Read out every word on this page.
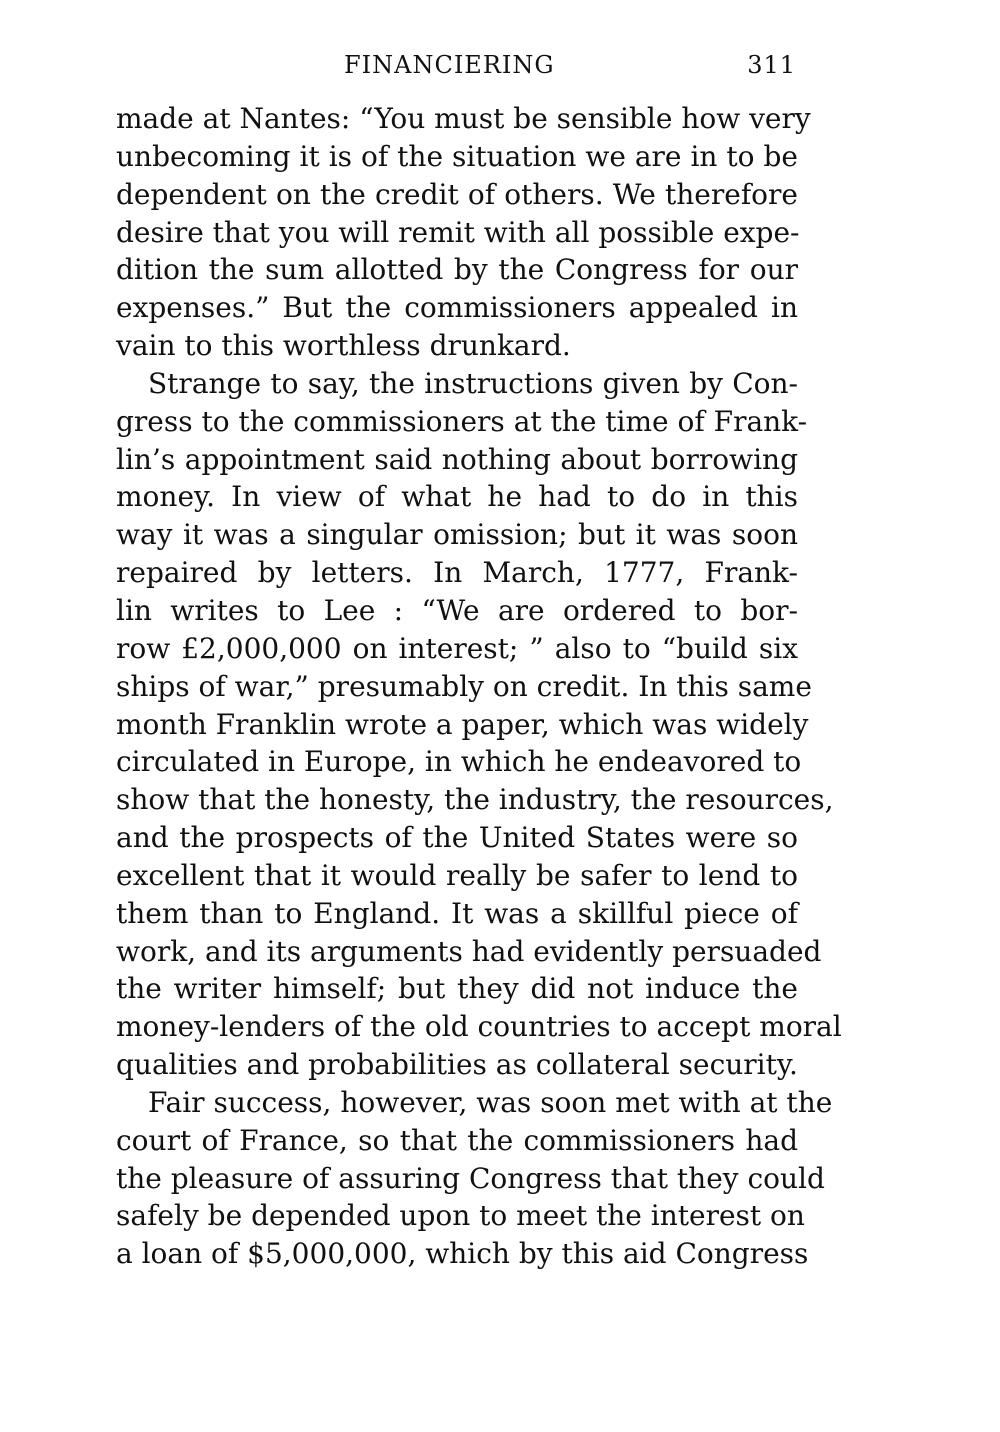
FINANCIERING	311
made at Nantes: “You must be sensible how very
unbecoming it is of the situation we are in to be
dependent on the credit of others. We therefore
desire that you will remit with all possible expe-
dition the sum allotted by the Congress for our
expenses.” But the commissioners appealed in
vain to this worthless drunkard.
Strange to say, the instructions given by Con-
gress to the commissioners at the time of Frank-
lin’s appointment said nothing about borrowing
money. In view of what he had to do in this
way it was a singular omission; but it was soon
repaired by letters. In March, 1777, Frank-
lin writes to Lee : “We are ordered to bor-
row £2,000,000 on interest; ” also to “build six
ships of war,” presumably on credit. In this same
month Franklin wrote a paper, which was widely
circulated in Europe, in which he endeavored to
show that the honesty, the industry, the resources,
and the prospects of the United States were so
excellent that it would really be safer to lend to
them than to England. It was a skillful piece of
work, and its arguments had evidently persuaded
the writer himself; but they did not induce the
money-lenders of the old countries to accept moral
qualities and probabilities as collateral security.
Fair success, however, was soon met with at the
court of France, so that the commissioners had
the pleasure of assuring Congress that they could
safely be depended upon to meet the interest on
a loan of $5,000,000, which by this aid Congress
